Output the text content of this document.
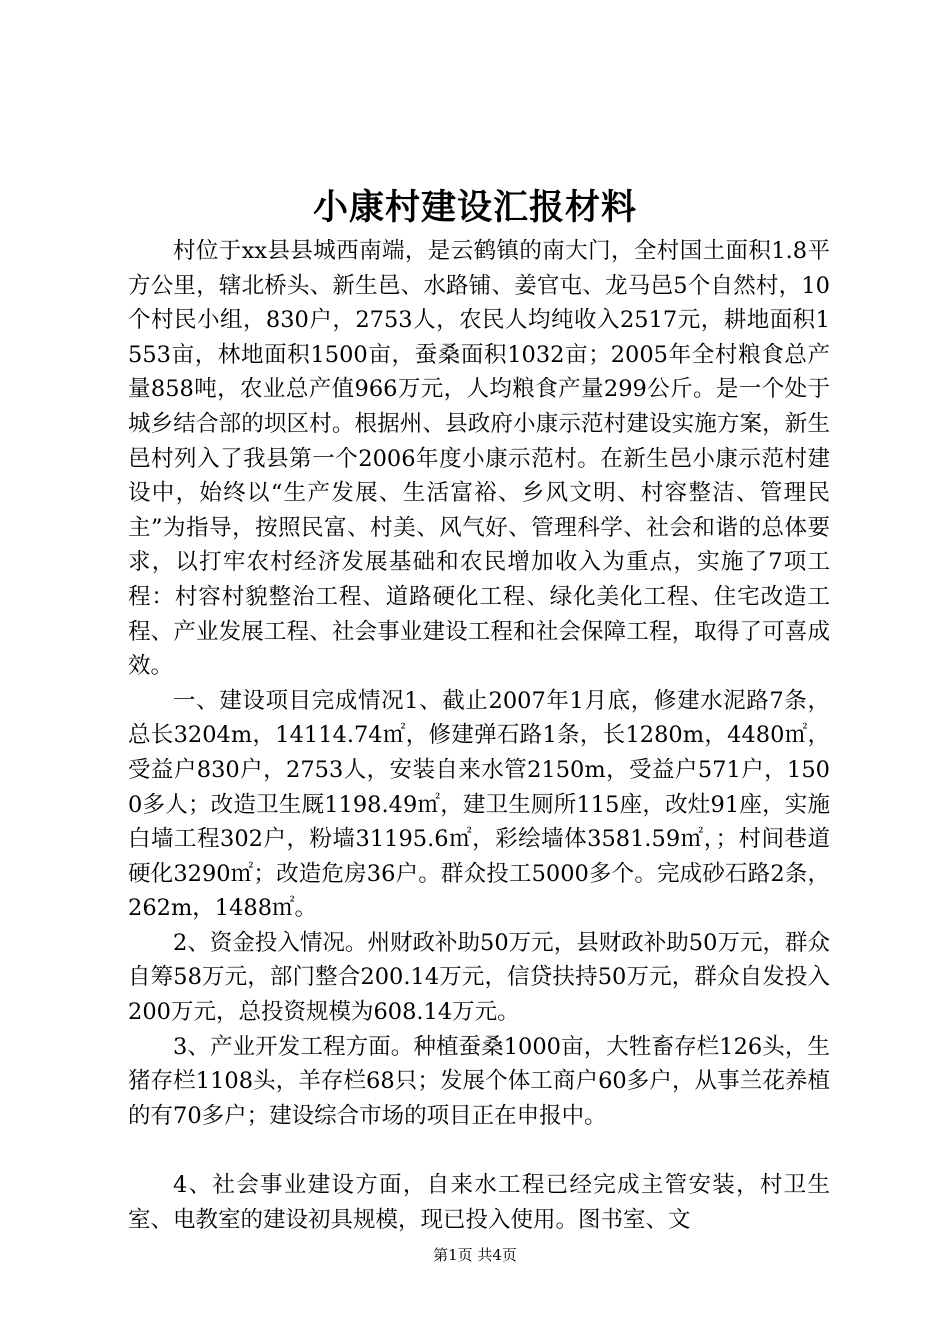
小康村建设汇报材料

村位于xx县县城西南端，是云鹤镇的南大门，全村国土面积1.8平方公里，辖北桥头、新生邑、水路铺、姜官屯、龙马邑5个自然村，10个村民小组，830户，2753人，农民人均纯收入2517元，耕地面积1553亩，林地面积1500亩，蚕桑面积1032亩；2005年全村粮食总产量858吨，农业总产值966万元，人均粮食产量299公斤。是一个处于城乡结合部的坝区村。根据州、县政府小康示范村建设实施方案，新生邑村列入了我县第一个2006年度小康示范村。在新生邑小康示范村建设中，始终以“生产发展、生活富裕、乡风文明、村容整洁、管理民主”为指导，按照民富、村美、风气好、管理科学、社会和谐的总体要求，以打牢农村经济发展基础和农民增加收入为重点，实施了7项工程：村容村貌整治工程、道路硬化工程、绿化美化工程、住宅改造工程、产业发展工程、社会事业建设工程和社会保障工程，取得了可喜成效。

一、建设项目完成情况1、截止2007年1月底，修建水泥路7条，总长3204m，14114.74㎡，修建弹石路1条，长1280m，4480㎡，受益户830户，2753人，安装自来水管2150m，受益户571户，1500多人；改造卫生厩1198.49㎡，建卫生厕所115座，改灶91座，实施白墙工程302户，粉墙31195.6㎡，彩绘墙体3581.59㎡，；村间巷道硬化3290㎡；改造危房36户。群众投工5000多个。完成砂石路2条，262m，1488㎡。

2、资金投入情况。州财政补助50万元，县财政补助50万元，群众自筹58万元，部门整合200.14万元，信贷扶持50万元，群众自发投入200万元，总投资规模为608.14万元。

3、产业开发工程方面。种植蚕桑1000亩，大牲畜存栏126头，生猪存栏1108头，羊存栏68只；发展个体工商户60多户，从事兰花养植的有70多户；建设综合市场的项目正在申报中。

4、社会事业建设方面，自来水工程已经完成主管安装，村卫生室、电教室的建设初具规模，现已投入使用。图书室、文

第1页 共4页
